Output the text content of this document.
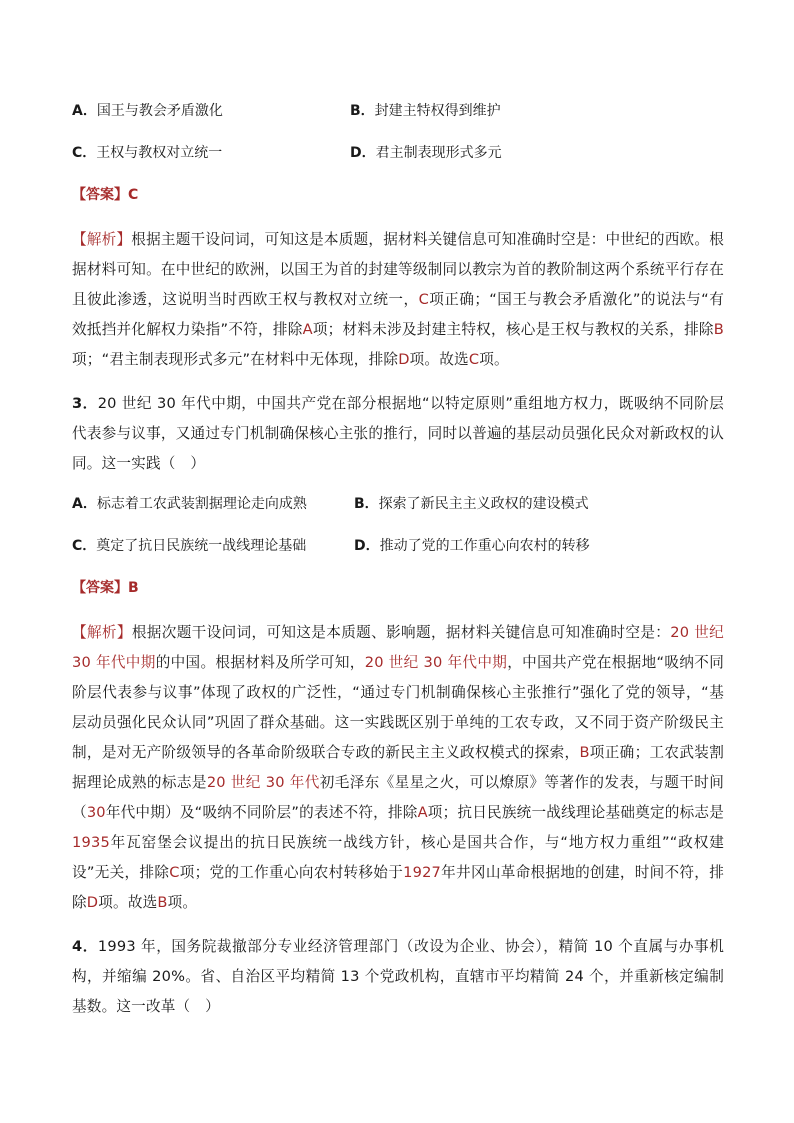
A．国王与教会矛盾激化	B．封建主特权得到维护
C．王权与教权对立统一	D．君主制表现形式多元
【答案】C
【解析】根据主题干设问词，可知这是本质题，据材料关键信息可知准确时空是：中世纪的西欧。根据材料可知。在中世纪的欧洲，以国王为首的封建等级制同以教宗为首的教阶制这两个系统平行存在且彼此渗透，这说明当时西欧王权与教权对立统一，C项正确；“国王与教会矛盾激化”的说法与“有效抵挡并化解权力染指”不符，排除A项；材料未涉及封建主特权，核心是王权与教权的关系，排除B项；“君主制表现形式多元”在材料中无体现，排除D项。故选C项。
3．20 世纪 30 年代中期，中国共产党在部分根据地“以特定原则”重组地方权力，既吸纳不同阶层代表参与议事，又通过专门机制确保核心主张的推行，同时以普遍的基层动员强化民众对新政权的认同。这一实践（　）
A．标志着工农武装割据理论走向成熟	B．探索了新民主主义政权的建设模式
C．奠定了抗日民族统一战线理论基础	D．推动了党的工作重心向农村的转移
【答案】B
【解析】根据次题干设问词，可知这是本质题、影响题，据材料关键信息可知准确时空是：20 世纪 30 年代中期的中国。根据材料及所学可知，20 世纪 30 年代中期，中国共产党在根据地“吸纳不同阶层代表参与议事”体现了政权的广泛性，“通过专门机制确保核心主张推行”强化了党的领导，“基层动员强化民众认同”巩固了群众基础。这一实践既区别于单纯的工农专政，又不同于资产阶级民主制，是对无产阶级领导的各革命阶级联合专政的新民主主义政权模式的探索，B项正确；工农武装割据理论成熟的标志是20 世纪 30 年代初毛泽东《星星之火，可以燎原》等著作的发表，与题干时间（30年代中期）及“吸纳不同阶层”的表述不符，排除A项；抗日民族统一战线理论基础奠定的标志是1935年瓦窑堡会议提出的抗日民族统一战线方针，核心是国共合作，与“地方权力重组”“政权建设”无关，排除C项；党的工作重心向农村转移始于1927年井冈山革命根据地的创建，时间不符，排除D项。故选B项。
4．1993 年，国务院裁撤部分专业经济管理部门（改设为企业、协会），精简 10 个直属与办事机构，并缩编 20%。省、自治区平均精简 13 个党政机构，直辖市平均精简 24 个，并重新核定编制基数。这一改革（　）
